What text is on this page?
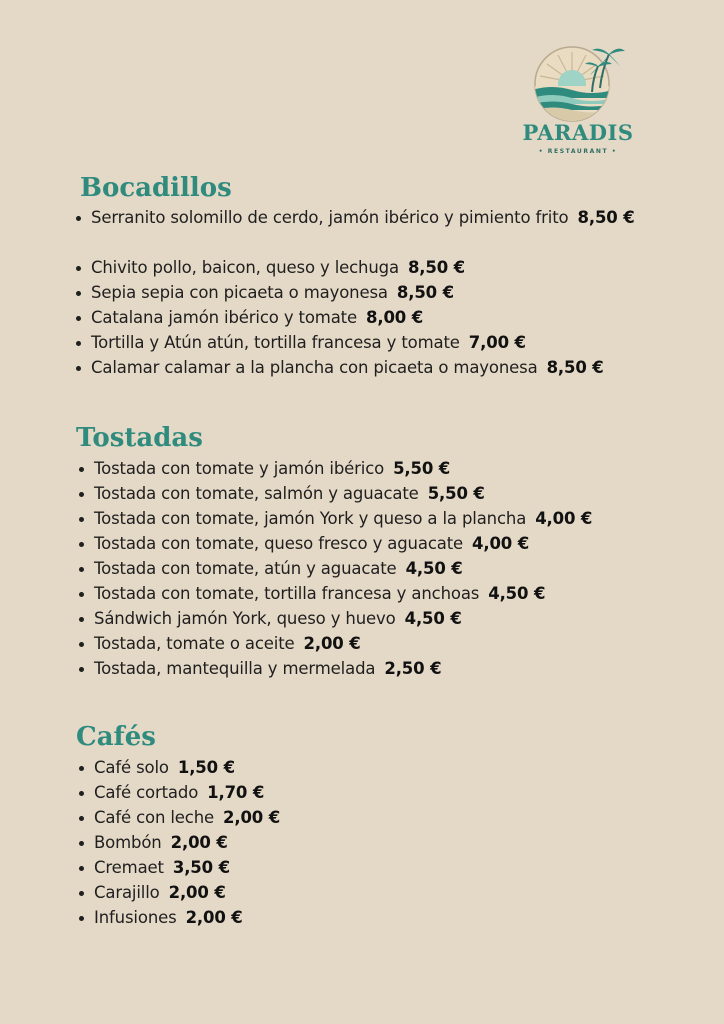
PARADIS
• RESTAURANT •
Bocadillos
Serranito solomillo de cerdo, jamón ibérico y pimiento frito 8,50 €
Chivito pollo, baicon, queso y lechuga 8,50 €
Sepia sepia con picaeta o mayonesa 8,50 €
Catalana jamón ibérico y tomate 8,00 €
Tortilla y Atún atún, tortilla francesa y tomate 7,00 €
Calamar calamar a la plancha con picaeta o mayonesa 8,50 €
Tostadas
Tostada con tomate y jamón ibérico 5,50 €
Tostada con tomate, salmón y aguacate 5,50 €
Tostada con tomate, jamón York y queso a la plancha 4,00 €
Tostada con tomate, queso fresco y aguacate 4,00 €
Tostada con tomate, atún y aguacate 4,50 €
Tostada con tomate, tortilla francesa y anchoas 4,50 €
Sándwich jamón York, queso y huevo 4,50 €
Tostada, tomate o aceite 2,00 €
Tostada, mantequilla y mermelada 2,50 €
Cafés
Café solo 1,50 €
Café cortado 1,70 €
Café con leche 2,00 €
Bombón 2,00 €
Cremaet 3,50 €
Carajillo 2,00 €
Infusiones 2,00 €
